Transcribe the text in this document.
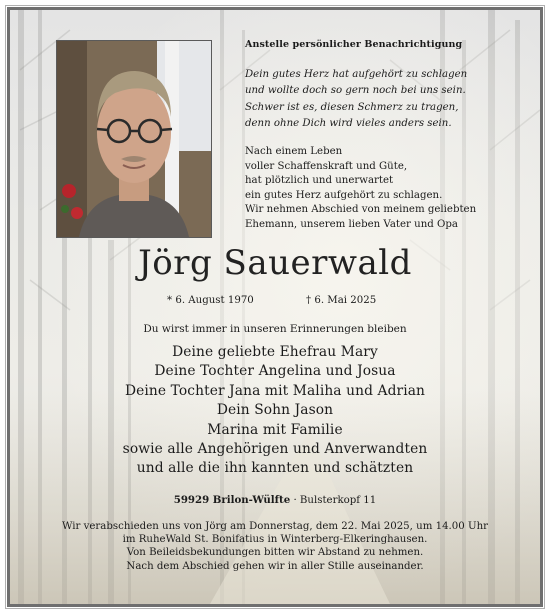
Anstelle persönlicher Benachrichtigung
Dein gutes Herz hat aufgehört zu schlagen
und wollte doch so gern noch bei uns sein.
Schwer ist es, diesen Schmerz zu tragen,
denn ohne Dich wird vieles anders sein.
Nach einem Leben
voller Schaffenskraft und Güte,
hat plötzlich und unerwartet
ein gutes Herz aufgehört zu schlagen.
Wir nehmen Abschied von meinem geliebten
Ehemann, unserem lieben Vater und Opa
Jörg Sauerwald
* 6. August 1970	† 6. Mai 2025
Du wirst immer in unseren Erinnerungen bleiben
Deine geliebte Ehefrau Mary
Deine Tochter Angelina und Josua
Deine Tochter Jana mit Maliha und Adrian
Dein Sohn Jason
Marina mit Familie
sowie alle Angehörigen und Anverwandten
und alle die ihn kannten und schätzten
59929 Brilon-Wülfte · Bulsterkopf 11
Wir verabschieden uns von Jörg am Donnerstag, dem 22. Mai 2025, um 14.00 Uhr
im RuheWald St. Bonifatius in Winterberg-Elkeringhausen.
Von Beileidsbekundungen bitten wir Abstand zu nehmen.
Nach dem Abschied gehen wir in aller Stille auseinander.
